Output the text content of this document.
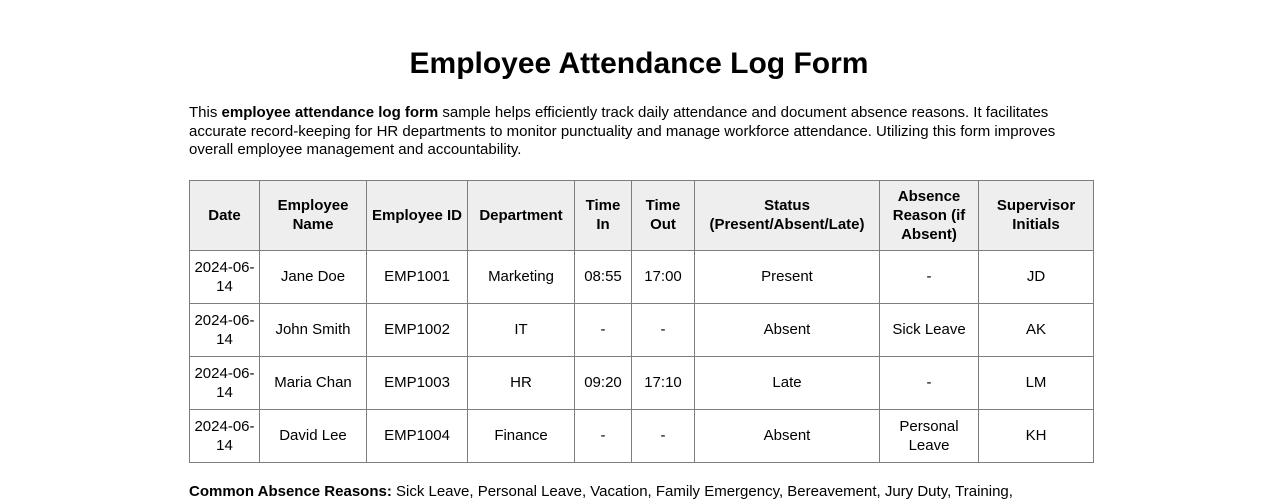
Employee Attendance Log Form

This employee attendance log form sample helps efficiently track daily attendance and document absence reasons. It facilitates accurate record-keeping for HR departments to monitor punctuality and manage workforce attendance. Utilizing this form improves overall employee management and accountability.

Date	Employee Name	Employee ID	Department	Time In	Time Out	Status (Present/Absent/Late)	Absence Reason (if Absent)	Supervisor Initials
2024-06-14	Jane Doe	EMP1001	Marketing	08:55	17:00	Present	-	JD
2024-06-14	John Smith	EMP1002	IT	-	-	Absent	Sick Leave	AK
2024-06-14	Maria Chan	EMP1003	HR	09:20	17:10	Late	-	LM
2024-06-14	David Lee	EMP1004	Finance	-	-	Absent	Personal Leave	KH

Common Absence Reasons: Sick Leave, Personal Leave, Vacation, Family Emergency, Bereavement, Jury Duty, Training,
